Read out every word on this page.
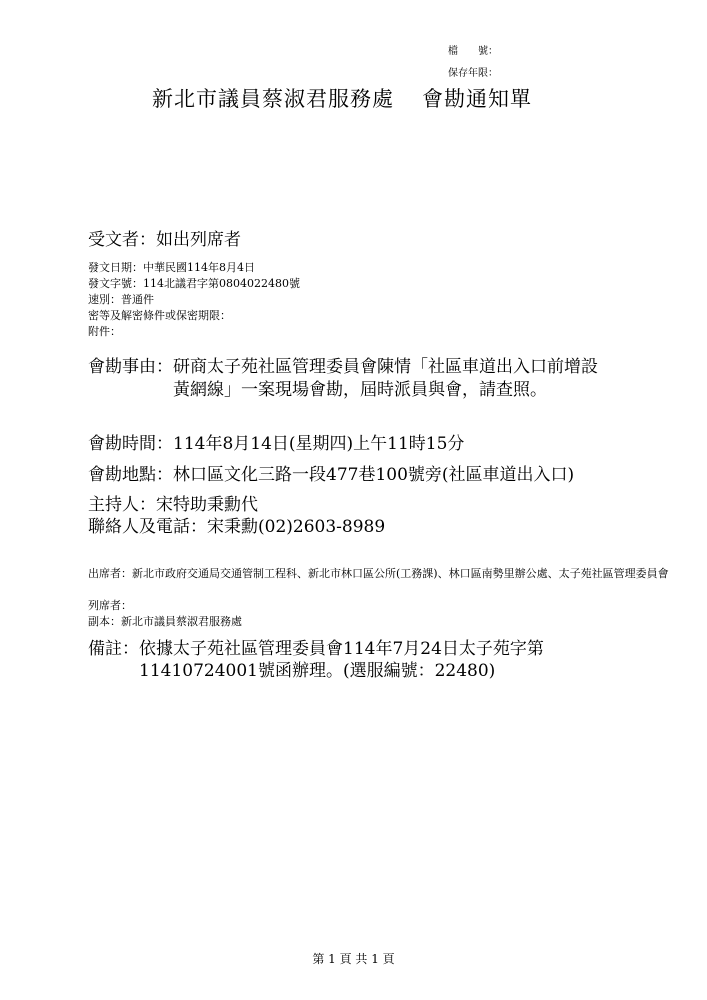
檔　　號：
保存年限：
新北市議員蔡淑君服務處 會勘通知單
受文者：如出列席者
發文日期：中華民國114年8月4日
發文字號：114北議君字第0804022480號
速別：普通件
密等及解密條件或保密期限：
附件：
會勘事由： 研商太子苑社區管理委員會陳情「社區車道出入口前增設黃網線」一案現場會勘，屆時派員與會，請查照。
會勘時間：114年8月14日(星期四)上午11時15分
會勘地點：林口區文化三路一段477巷100號旁(社區車道出入口)
主持人：宋特助秉勳代
聯絡人及電話：宋秉勳(02)2603-8989
出席者： 新北市政府交通局交通管制工程科、新北市林口區公所(工務課)、林口區南勢里辦公處、太子苑社區管理委員會
列席者：
副本：新北市議員蔡淑君服務處
備註： 依據太子苑社區管理委員會114年7月24日太子苑字第11410724001號函辦理。(選服編號：22480)
第 1 頁 共 1 頁
